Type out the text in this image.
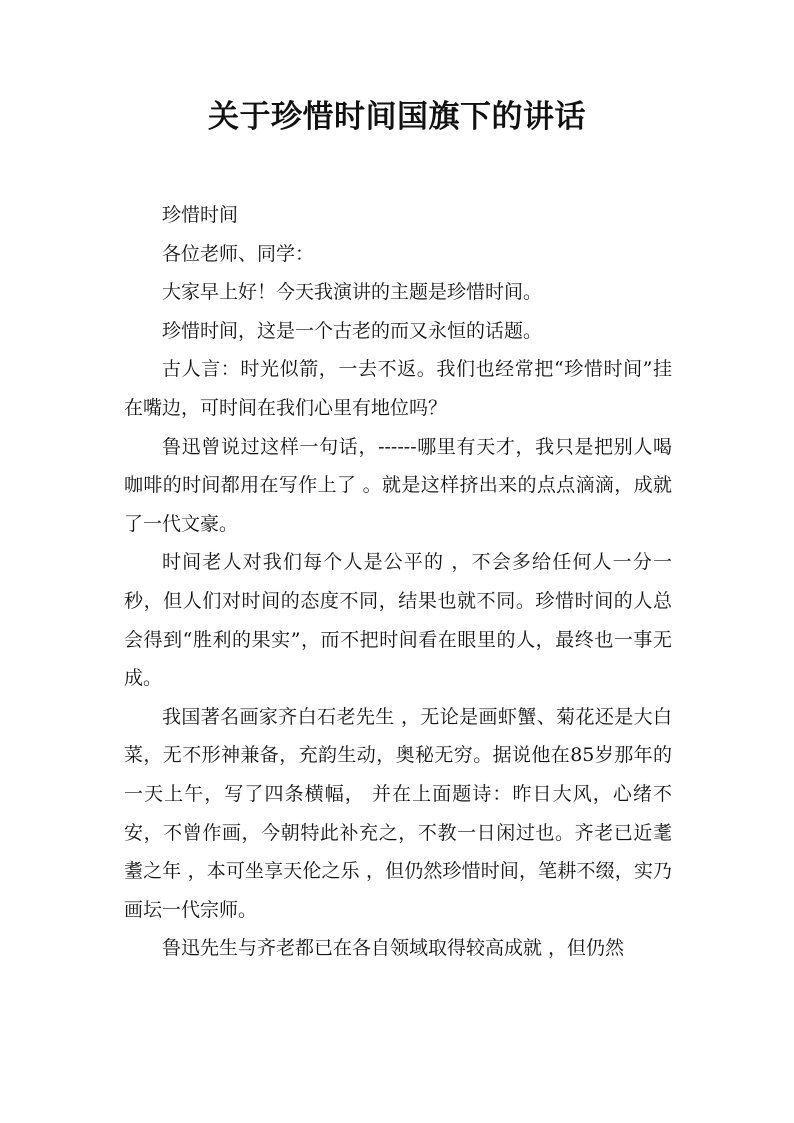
关于珍惜时间国旗下的讲话

珍惜时间

各位老师、同学：

大家早上好！今天我演讲的主题是珍惜时间。

珍惜时间，这是一个古老的而又永恒的话题。

古人言：时光似箭，一去不返。我们也经常把“珍惜时间”挂在嘴边，可时间在我们心里有地位吗？

鲁迅曾说过这样一句话，------哪里有天才，我只是把别人喝咖啡的时间都用在写作上了 。就是这样挤出来的点点滴滴，成就了一代文豪。

时间老人对我们每个人是公平的 ，不会多给任何人一分一秒，但人们对时间的态度不同，结果也就不同。珍惜时间的人总会得到“胜利的果实”，而不把时间看在眼里的人，最终也一事无成。

我国著名画家齐白石老先生 ，无论是画虾蟹、菊花还是大白菜，无不形神兼备，充韵生动，奥秘无穷。据说他在85岁那年的一天上午，写了四条横幅， 并在上面题诗：昨日大风，心绪不安，不曾作画，今朝特此补充之，不教一日闲过也。齐老已近耄耋之年 ，本可坐享天伦之乐 ，但仍然珍惜时间，笔耕不缀，实乃画坛一代宗师。

鲁迅先生与齐老都已在各自领域取得较高成就 ，但仍然
